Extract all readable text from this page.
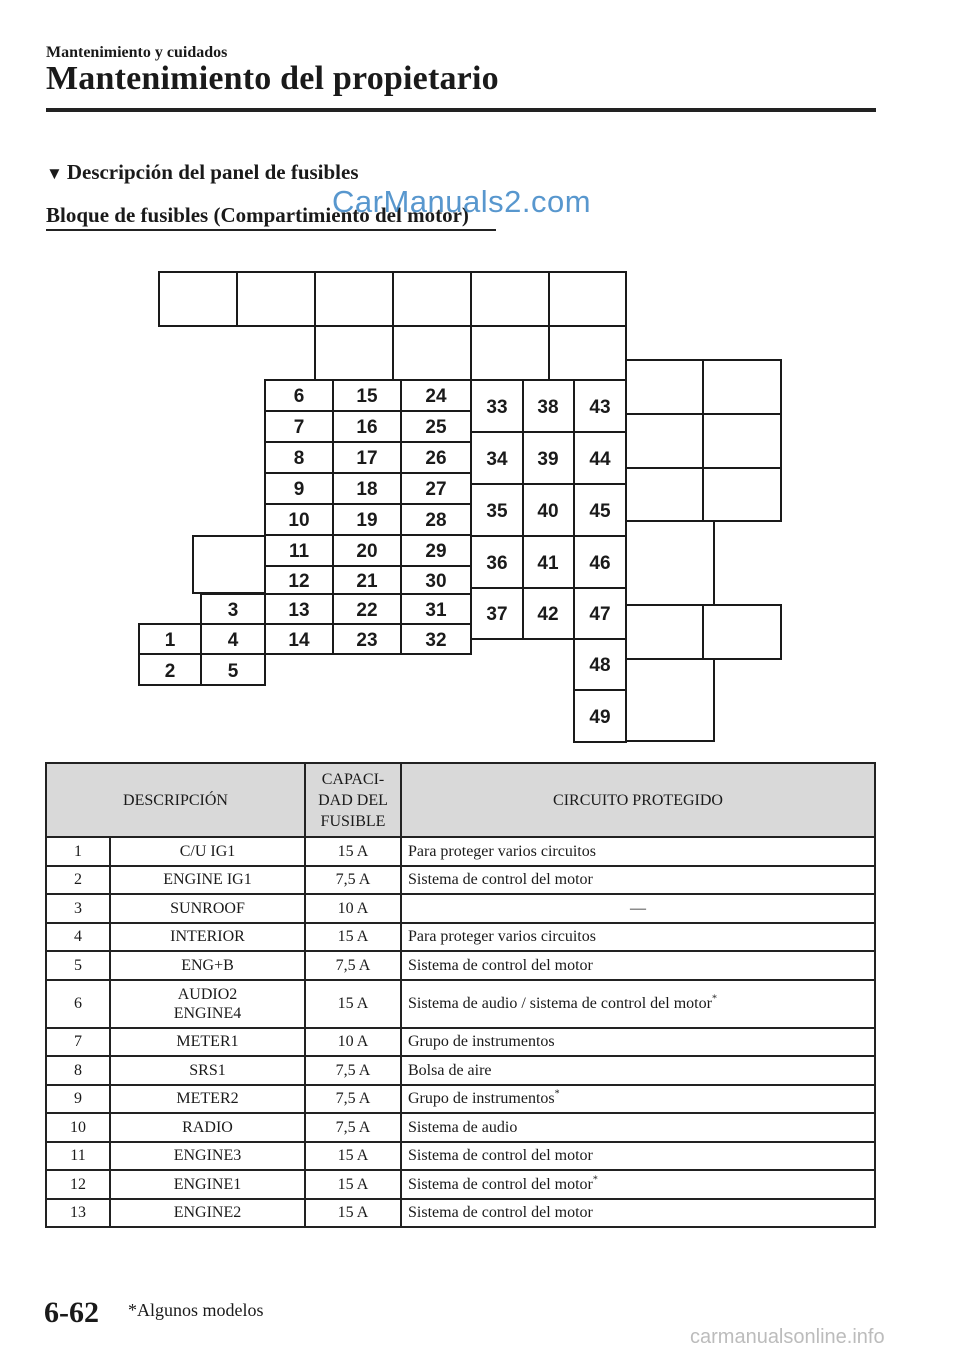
Mantenimiento y cuidados
Mantenimiento del propietario
▼ Descripción del panel de fusibles
Bloque de fusibles (Compartimiento del motor)
CarManuals2.com
1
2
3
4
5
6
7
8
9
10
11
12
13
14
15
16
17
18
19
20
21
22
23
24
25
26
27
28
29
30
31
32
33
34
35
36
37
38
39
40
41
42
43
44
45
46
47
48
49
DESCRIPCIÓN		CAPACI-
DAD DEL
FUSIBLE	CIRCUITO PROTEGIDO
1	C/U IG1	15 A	Para proteger varios circuitos
2	ENGINE IG1	7,5 A	Sistema de control del motor
3	SUNROOF	10 A	―
4	INTERIOR	15 A	Para proteger varios circuitos
5	ENG+B	7,5 A	Sistema de control del motor
6	AUDIO2
ENGINE4	15 A	Sistema de audio / sistema de control del motor*
7	METER1	10 A	Grupo de instrumentos
8	SRS1	7,5 A	Bolsa de aire
9	METER2	7,5 A	Grupo de instrumentos*
10	RADIO	7,5 A	Sistema de audio
11	ENGINE3	15 A	Sistema de control del motor
12	ENGINE1	15 A	Sistema de control del motor*
13	ENGINE2	15 A	Sistema de control del motor
6-62 *Algunos modelos
carmanualsonline.info
